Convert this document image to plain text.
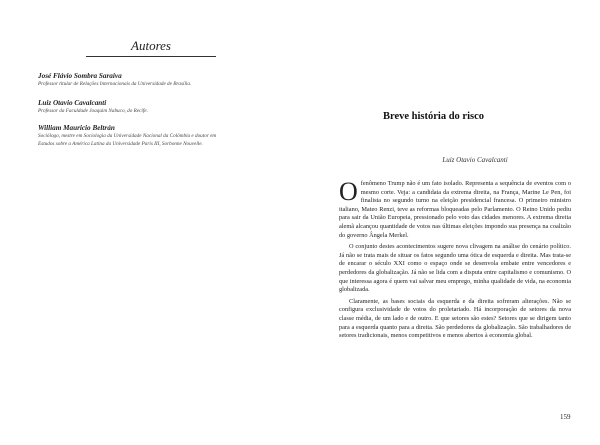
Autores
José Flávio Sombra Saraiva
Professor titular de Relações Internacionais da Universidade de Brasília.
Luiz Otavio Cavalcanti
Professor da Faculdade Joaquim Nabuco, do Recife.
William Mauricio Beltrán
Sociólogo, mestre em Sociologia da Universidade Nacional da Colômbia e doutor em
Estudos sobre a América Latina da Universidade Paris III, Sorbonne Nouvelle.
Breve história do risco
Luiz Otavio Cavalcanti

Ofenômeno Trump não é um fato isolado. Representa a sequência de eventos com o mesmo corte. Veja: a candidata da extrema direita, na França, Marine Le Pen, foi finalista no segundo turno na eleição presidencial francesa. O primeiro ministro italiano, Mateo Renzi, teve as reformas bloqueadas pelo Parlamento. O Reino Unido pediu para sair da União Europeia, pressionado pelo voto das cidades menores. A extrema direita alemã alcançou quantidade de votos nas últimas eleições impondo sua presença na coalizão do governo Ângela Merkel.

O conjunto destes acontecimentos sugere nova clivagem na análise do cenário político. Já não se trata mais de situar os fatos segundo uma ótica de esquerda e direita. Mas trata-se de encarar o século XXI como o espaço onde se desenvola embate entre vencedores e perdedores da globalização. Já não se lida com a disputa entre capitalismo e comunismo. O que interessa agora é quem vai salvar meu emprego, minha qualidade de vida, na economia globalizada.

Claramente, as bases sociais da esquerda e da direita sofreram alterações. Não se configura exclusividade de votos do proletariado. Há incorporação de setores da nova classe média, de um lado e de outro. E que setores são estes? Setores que se dirigem tanto para a esquerda quanto para a direita. São perdedores da globalização. São trabalhadores de setores tradicionais, menos competitivos e menos abertos à economia global.

159
